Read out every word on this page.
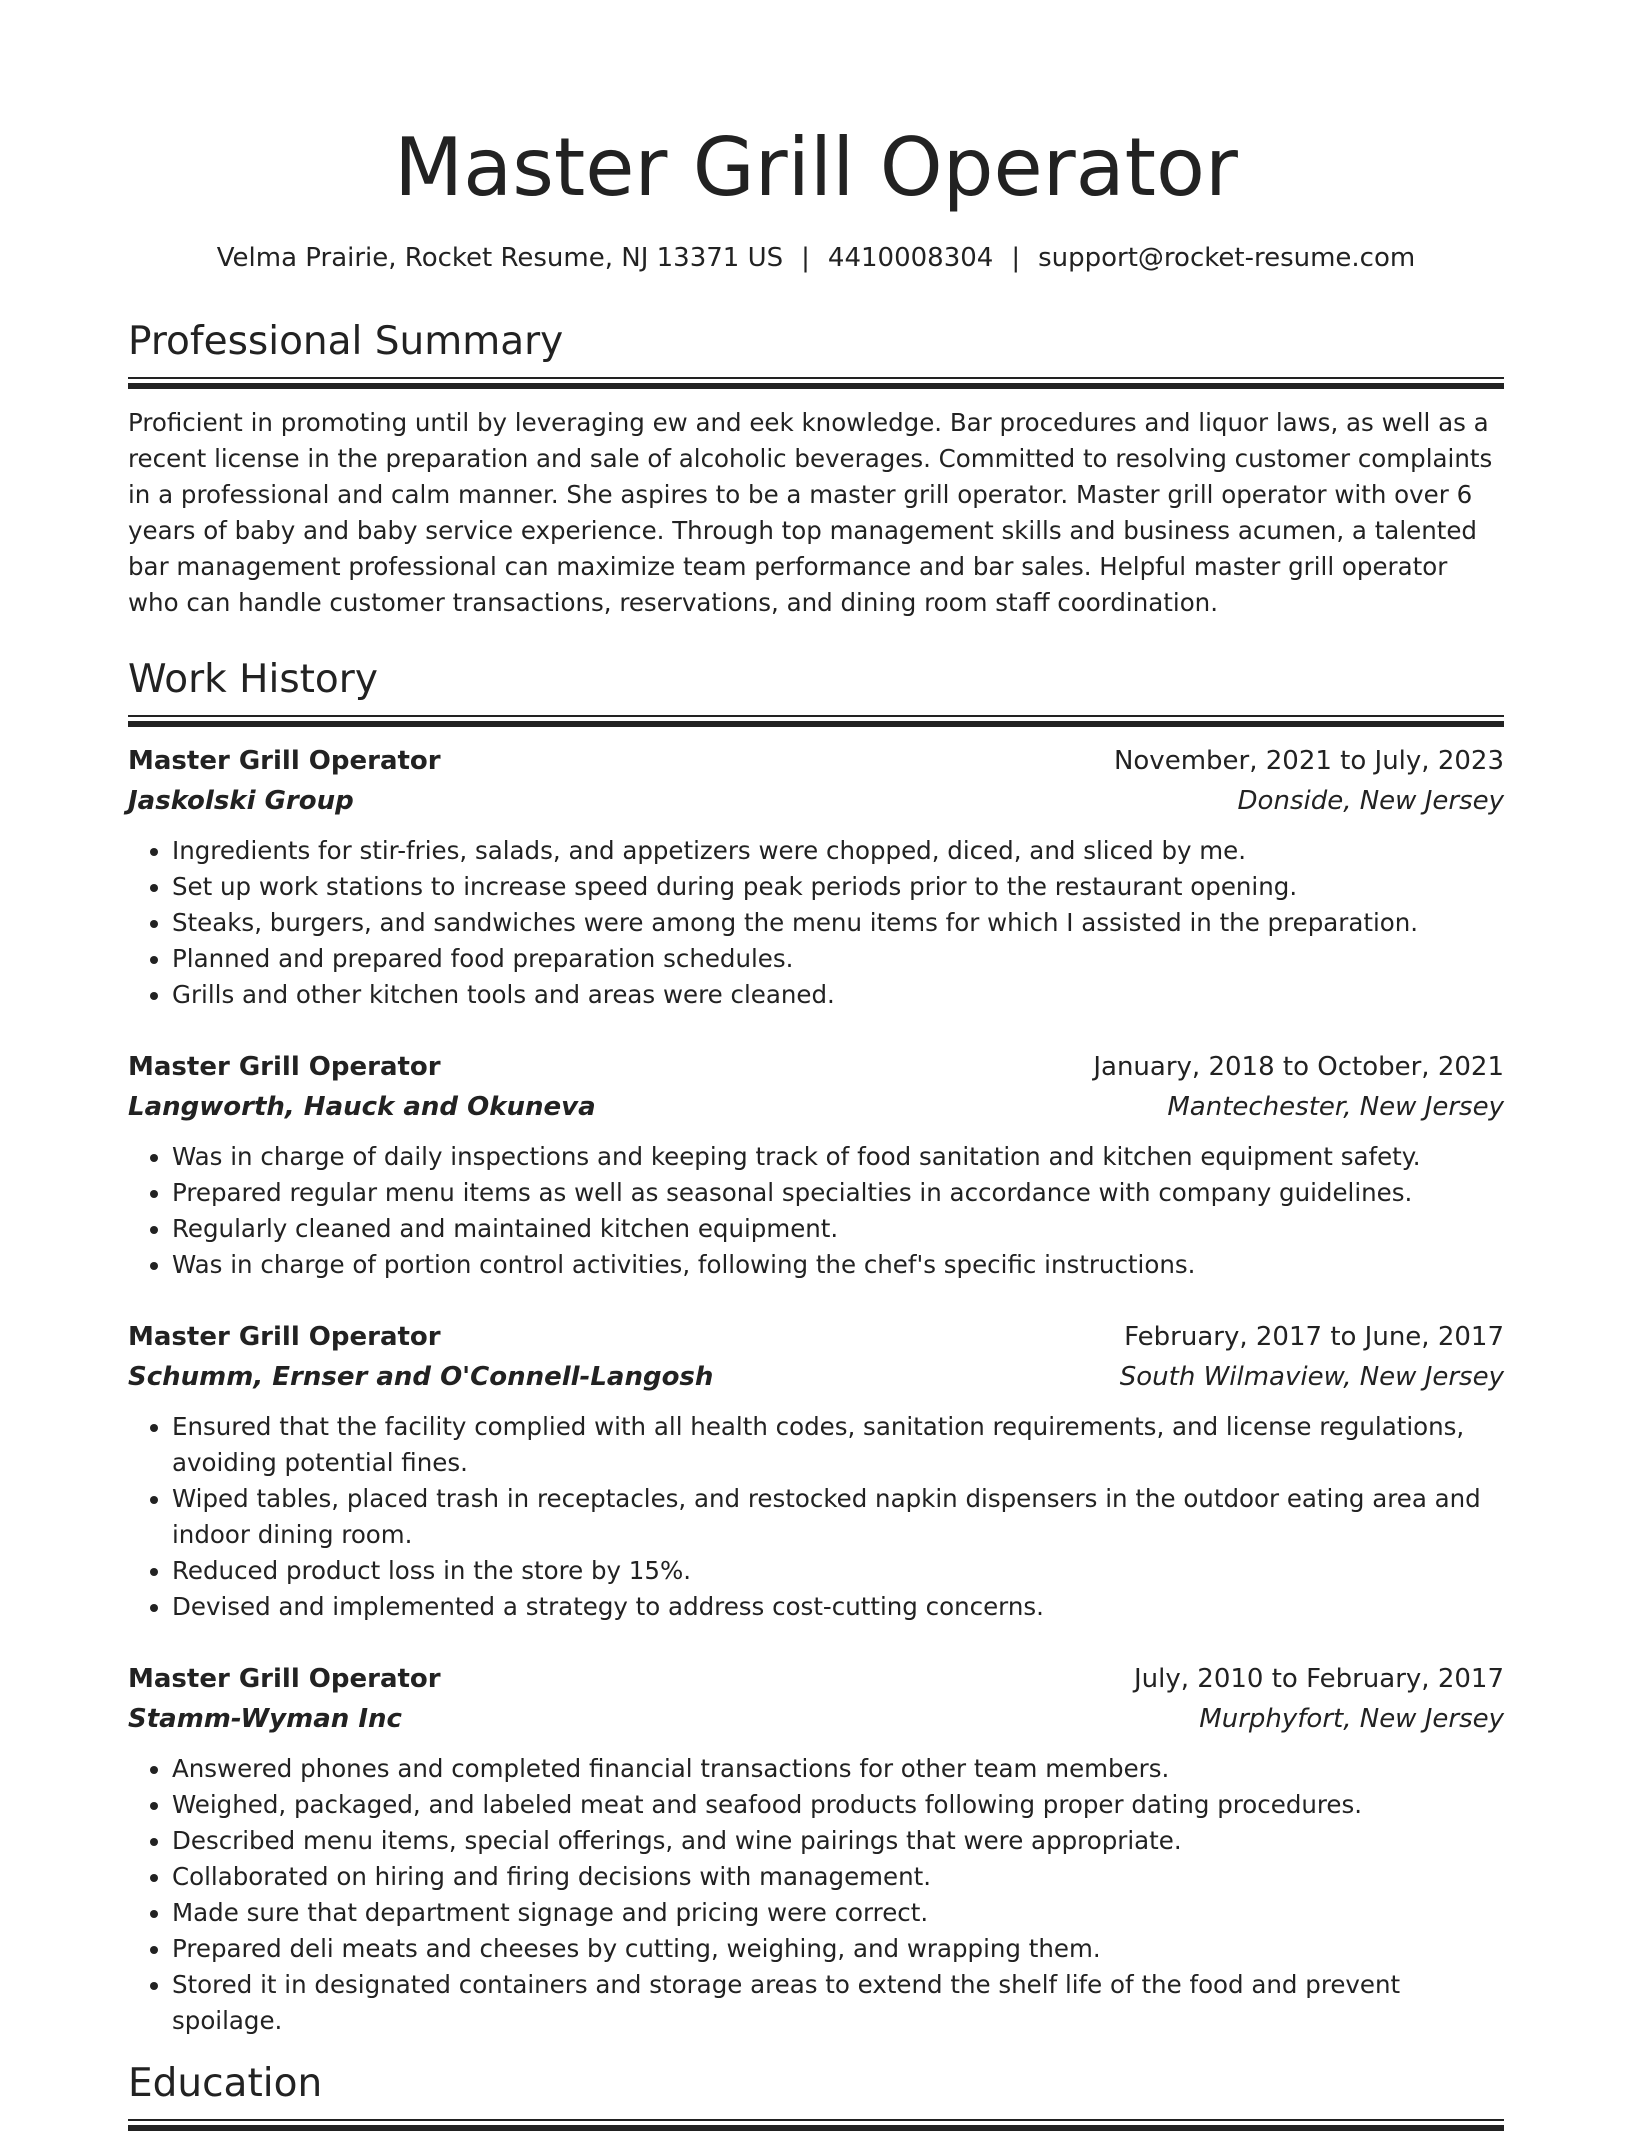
Master Grill Operator
Velma Prairie, Rocket Resume, NJ 13371 US | 4410008304 | support@rocket-resume.com
Professional Summary

Proficient in promoting until by leveraging ew and eek knowledge. Bar procedures and liquor laws, as well as a recent license in the preparation and sale of alcoholic beverages. Committed to resolving customer complaints in a professional and calm manner. She aspires to be a master grill operator. Master grill operator with over 6 years of baby and baby service experience. Through top management skills and business acumen, a talented bar management professional can maximize team performance and bar sales. Helpful master grill operator who can handle customer transactions, reservations, and dining room staff coordination.

Work History
Master Grill Operator	November, 2021 to July, 2023
Jaskolski Group	Donside, New Jersey
• Ingredients for stir-fries, salads, and appetizers were chopped, diced, and sliced by me.
• Set up work stations to increase speed during peak periods prior to the restaurant opening.
• Steaks, burgers, and sandwiches were among the menu items for which I assisted in the preparation.
• Planned and prepared food preparation schedules.
• Grills and other kitchen tools and areas were cleaned.
Master Grill Operator	January, 2018 to October, 2021
Langworth, Hauck and Okuneva	Mantechester, New Jersey
• Was in charge of daily inspections and keeping track of food sanitation and kitchen equipment safety.
• Prepared regular menu items as well as seasonal specialties in accordance with company guidelines.
• Regularly cleaned and maintained kitchen equipment.
• Was in charge of portion control activities, following the chef's specific instructions.
Master Grill Operator	February, 2017 to June, 2017
Schumm, Ernser and O'Connell-Langosh	South Wilmaview, New Jersey
• Ensured that the facility complied with all health codes, sanitation requirements, and license regulations, avoiding potential fines.
• Wiped tables, placed trash in receptacles, and restocked napkin dispensers in the outdoor eating area and indoor dining room.
• Reduced product loss in the store by 15%.
• Devised and implemented a strategy to address cost-cutting concerns.
Master Grill Operator	July, 2010 to February, 2017
Stamm-Wyman Inc	Murphyfort, New Jersey
• Answered phones and completed financial transactions for other team members.
• Weighed, packaged, and labeled meat and seafood products following proper dating procedures.
• Described menu items, special offerings, and wine pairings that were appropriate.
• Collaborated on hiring and firing decisions with management.
• Made sure that department signage and pricing were correct.
• Prepared deli meats and cheeses by cutting, weighing, and wrapping them.
• Stored it in designated containers and storage areas to extend the shelf life of the food and prevent spoilage.
Education
